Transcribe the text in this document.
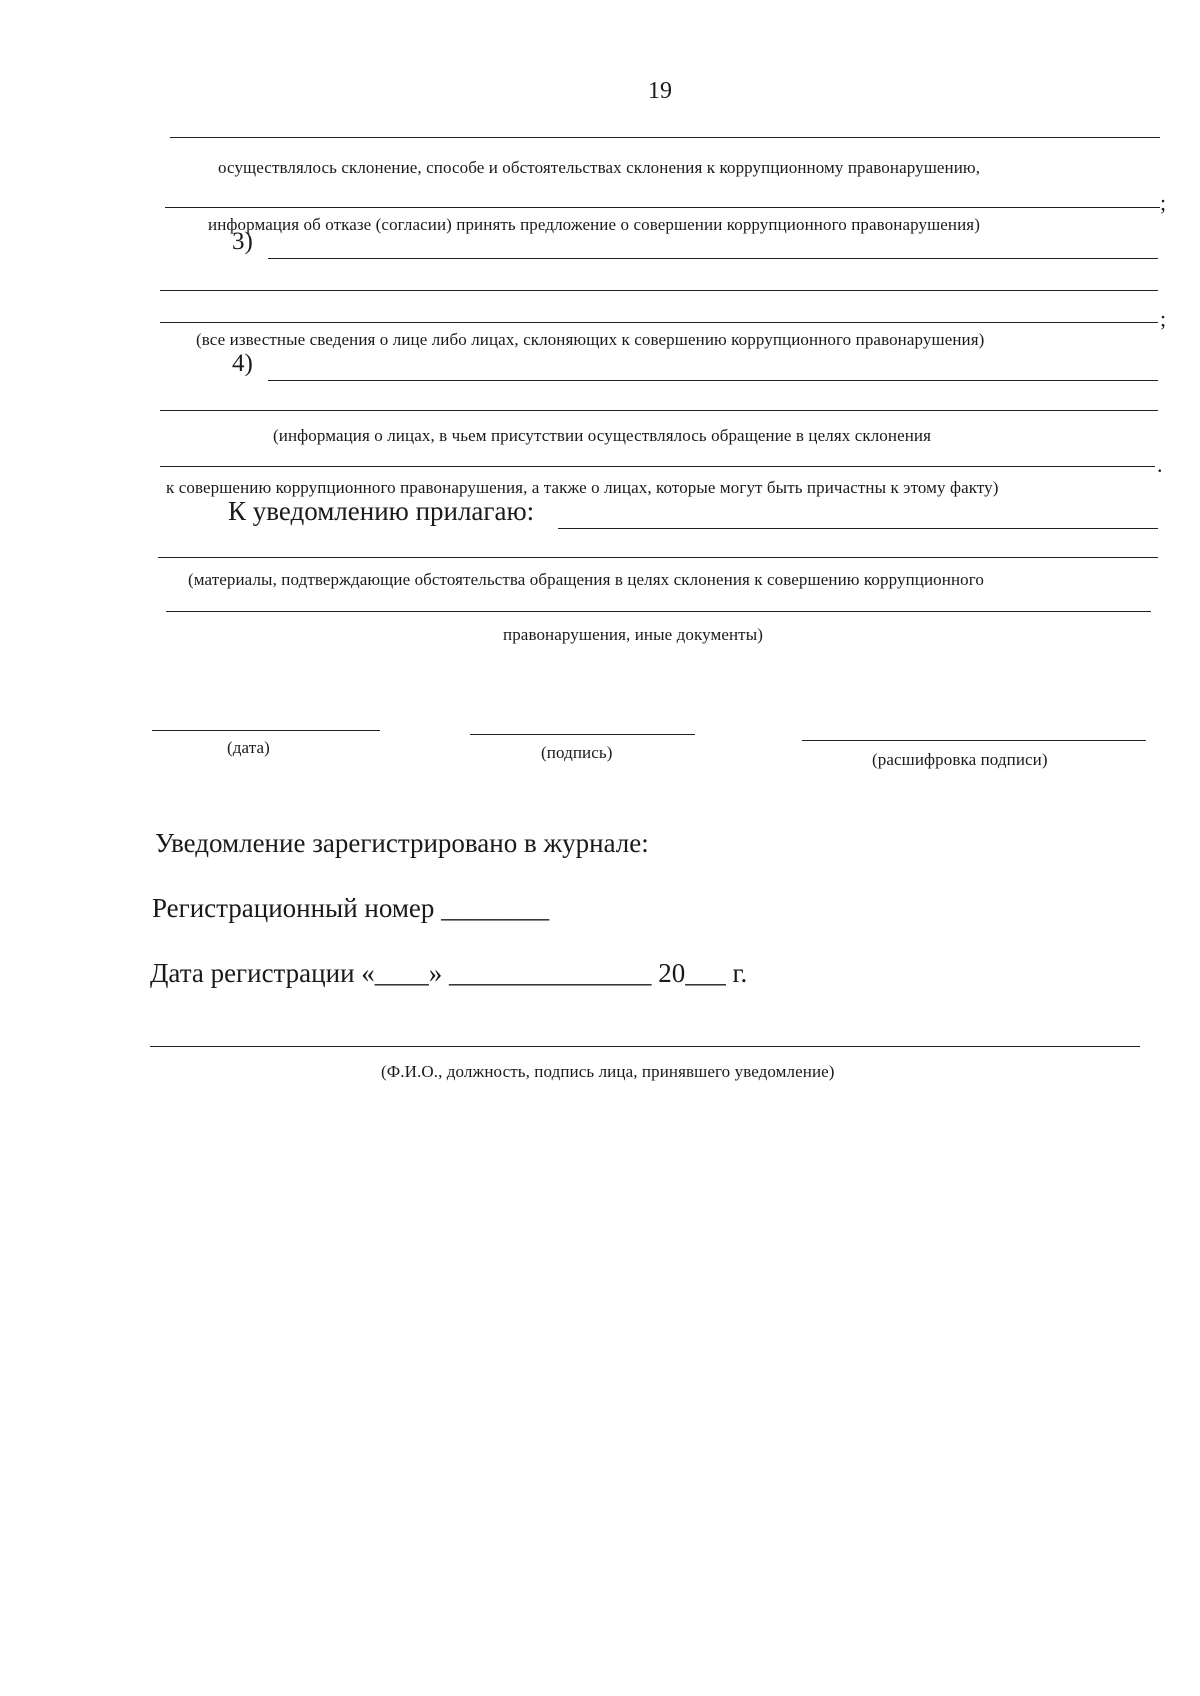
19
осуществлялось склонение, способе и обстоятельствах склонения к коррупционному правонарушению,
;
информация об отказе (согласии) принять предложение о совершении коррупционного правонарушения)
3)
;
(все известные сведения о лице либо лицах, склоняющих к совершению коррупционного правонарушения)
4)
(информация о лицах, в чьем присутствии осуществлялось обращение в целях склонения
.
к совершению коррупционного правонарушения, а также о лицах, которые могут быть причастны к этому факту)
К уведомлению прилагаю:
(материалы, подтверждающие обстоятельства обращения в целях склонения к совершению коррупционного
правонарушения, иные документы)
(дата)	(подпись)	(расшифровка подписи)
Уведомление зарегистрировано в журнале:
Регистрационный номер ________
Дата регистрации «____» _______________ 20___ г.
(Ф.И.О., должность, подпись лица, принявшего уведомление)
